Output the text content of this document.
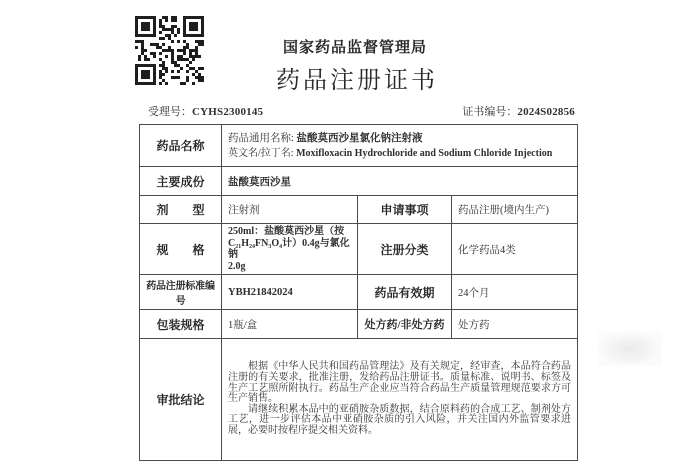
国家药品监督管理局
药品注册证书
受理号：CYHS2300145	证书编号：2024S02856
药品名称	药品通用名称: 盐酸莫西沙星氯化钠注射液
英文名/拉丁名: Moxifloxacin Hydrochloride and Sodium Chloride Injection		

主要成份	盐酸莫西沙星		
剂　　型	注射剂	申请事项	药品注册(境内生产)
规　　格	250ml：盐酸莫西沙星（按
C₂₁H₂₄FN₃O₄计）0.4g与氯化钠
2.0g	注册分类	化学药品4类
药品注册标准编号	YBH21842024	药品有效期	24个月
包装规格	1瓶/盒	处方药/非处方药	处方药
审批结论	根据《中华人民共和国药品管理法》及有关规定，经审查，本品符合药品注册的有关要求，批准注册，发给药品注册证书。质量标准、说明书、标签及生产工艺照所附执行。药品生产企业应当符合药品生产质量管理规范要求方可生产销售。

请继续积累本品中的亚硝胺杂质数据，结合原料药的合成工艺、制剂处方工艺，进一步评估本品中亚硝胺杂质的引入风险，并关注国内外监管要求进展，必要时按程序提交相关资料。		
